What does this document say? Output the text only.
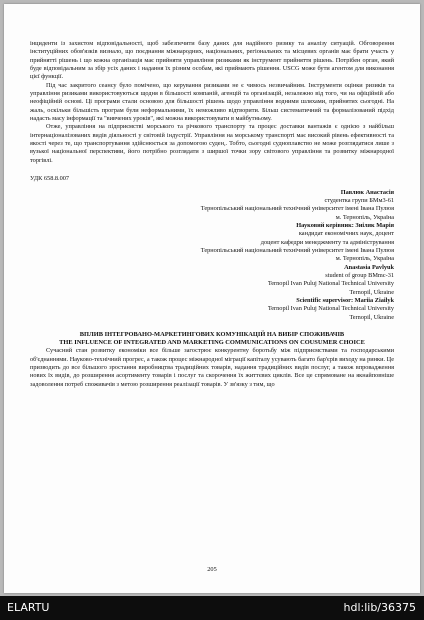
інциденти із захистом відповідальності, щоб забезпечити базу даних для надійного ризику та аналізу ситуацій. Обговорення інституційних обов'язків визнало, що поєднання міжнародних, національних, регіональних та місцевих органів має брати участь у прийнятті рішень і що кожна організація має прийняти управління ризиками як інструмент прийняття рішень. Потрібен орган, який буде відповідальним за збір усіх даних і надання їх різним особам, які приймають рішення. USCG може бути агентом для виконання цієї функції.

Під час закритого сеансу було помічено, що керування ризиками не є чимось незвичайним. Інструменти оцінки ризиків та управління ризиками використовуються щодня в більшості компаній, агенцій та організацій, незалежно від того, чи на офіційній або неофіційній основі. Ці програми стали основою для більшості рішень щодо управління водними шляхами, прийнятих сьогодні. На жаль, оскільки більшість програм були неформальними, їх неможливо відтворити. Більш систематичний та формалізований підхід надасть масу інформації та "вивчених уроків", які можна використовувати в майбутньому.

Отже, управління на підприємстві морського та річкового транспорту та процес доставки вантажів є однією з найбільш інтернаціоналізованих видів діяльності у світовій індустрії. Управління на морському транспорті має високий рівень ефективності та якості через те, що транспортування здійснюється за допомогою суден,. Тобто, сьогодні судноплавство не може розглядатися лише з вузької національної перспективи, його потрібно розглядати з ширшої точки зору світового управління та розвитку міжнародної торгівлі.

УДК 658.8.007

Павлюк Анастасія

студентка групи БМм3-61

Тернопільський національний технічний університет імені Івана Пулюя

м. Тернопіль, Україна

Науковий керівник: Зиіляк Марія

кандидат економічних наук, доцент

доцент кафедри менеджменту та адміністрування

Тернопільський національний технічний університет імені Івана Пулюя

м. Тернопіль, Україна

Anastasia Pavlyuk

student of group BMmc-31

Ternopil Ivan Puluj National Technical University

Ternopil, Ukraine

Scientific supervisor: Mariia Ziailyk

Ternopil Ivan Puluj National Technical University

Ternopil, Ukraine

ВПЛИВ ІНТЕГРОВАНО-МАРКЕТИНГОВИХ КОМУНІКАЦІЙ НА ВИБІР СПОЖИВАЧІВ

THE INFLUENCE OF INTEGRATED AND MARKETING COMMUNICATIONS ON COUSUMER CHOICE

Сучасний стан розвитку економіки все більше загострює конкурентну боротьбу між підприємствами та господарськими об'єднаннями. Науково-технічний прогрес, а також процес міжнародної міграції капіталу усувають багато бар'єрів виходу на ринки. Це призводить до все більшого зростання виробництва традиційних товарів, надання традиційних видів послуг, а також впровадження нових їх видів, до розширення асортименту товарів і послуг та скорочення їх життєвих циклів. Все це спрямоване на якнайповніше задоволення потреб споживачів з метою розширення реалізації товарів. У зв'язку з тим, що

205
ELARTU	hdl:lib/36375
